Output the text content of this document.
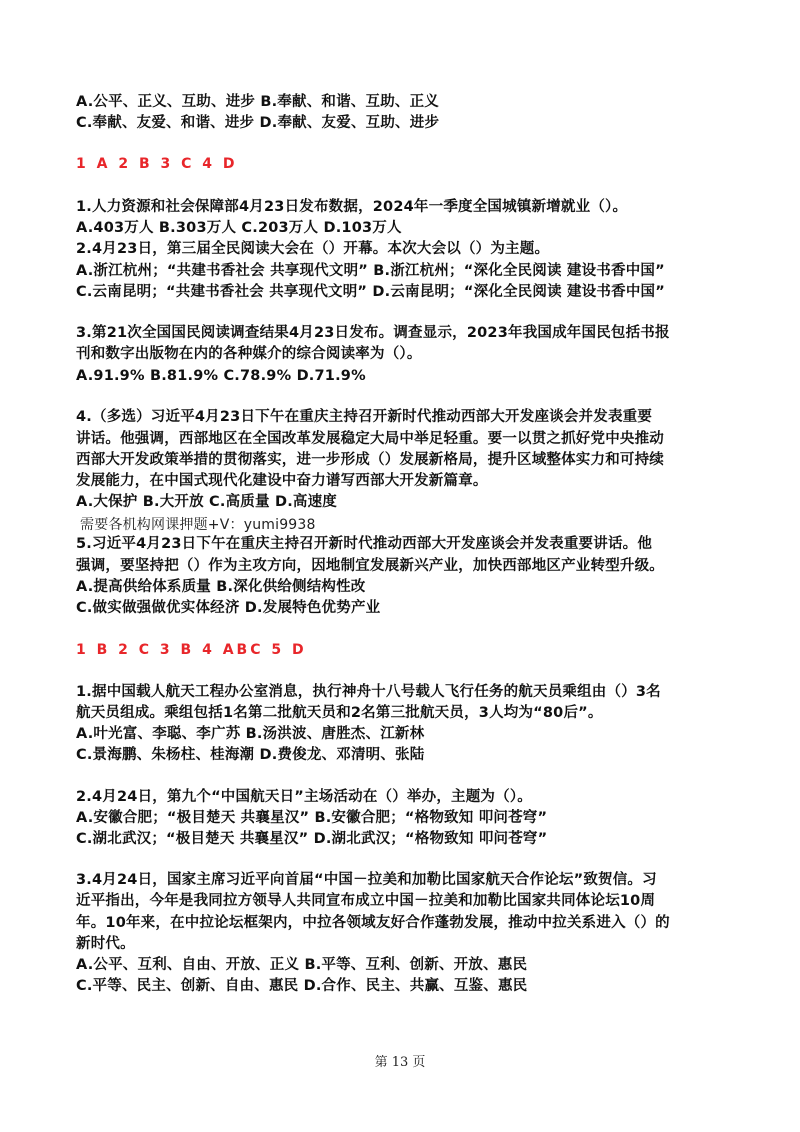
A.公平、正义、互助、进步 B.奉献、和谐、互助、正义
C.奉献、友爱、和谐、进步 D.奉献、友爱、互助、进步
1 A 2 B 3 C 4 D
1.人力资源和社会保障部4月23日发布数据，2024年一季度全国城镇新增就业（）。
A.403万人 B.303万人 C.203万人 D.103万人
2.4月23日，第三届全民阅读大会在（）开幕。本次大会以（）为主题。
A.浙江杭州；“共建书香社会 共享现代文明” B.浙江杭州；“深化全民阅读 建设书香中国”
C.云南昆明；“共建书香社会 共享现代文明” D.云南昆明；“深化全民阅读 建设书香中国”
3.第21次全国国民阅读调查结果4月23日发布。调查显示，2023年我国成年国民包括书报
刊和数字出版物在内的各种媒介的综合阅读率为（）。
A.91.9% B.81.9% C.78.9% D.71.9%
4.（多选）习近平4月23日下午在重庆主持召开新时代推动西部大开发座谈会并发表重要
讲话。他强调，西部地区在全国改革发展稳定大局中举足轻重。要一以贯之抓好党中央推动
西部大开发政策举措的贯彻落实，进一步形成（）发展新格局，提升区域整体实力和可持续
发展能力，在中国式现代化建设中奋力谱写西部大开发新篇章。
A.大保护 B.大开放 C.高质量 D.高速度
需要各机构网课押题+V：yumi9938
5.习近平4月23日下午在重庆主持召开新时代推动西部大开发座谈会并发表重要讲话。他
强调，要坚持把（）作为主攻方向，因地制宜发展新兴产业，加快西部地区产业转型升级。
A.提高供给体系质量 B.深化供给侧结构性改
C.做实做强做优实体经济 D.发展特色优势产业
1 B 2 C 3 B 4 ABC 5 D
1.据中国载人航天工程办公室消息，执行神舟十八号载人飞行任务的航天员乘组由（）3名
航天员组成。乘组包括1名第二批航天员和2名第三批航天员，3人均为“80后”。
A.叶光富、李聪、李广苏 B.汤洪波、唐胜杰、江新林
C.景海鹏、朱杨柱、桂海潮 D.费俊龙、邓清明、张陆
2.4月24日，第九个“中国航天日”主场活动在（）举办，主题为（）。
A.安徽合肥；“极目楚天 共襄星汉” B.安徽合肥；“格物致知 叩问苍穹”
C.湖北武汉；“极目楚天 共襄星汉” D.湖北武汉；“格物致知 叩问苍穹”
3.4月24日，国家主席习近平向首届“中国－拉美和加勒比国家航天合作论坛”致贺信。习
近平指出，今年是我同拉方领导人共同宣布成立中国－拉美和加勒比国家共同体论坛10周
年。10年来，在中拉论坛框架内，中拉各领域友好合作蓬勃发展，推动中拉关系进入（）的
新时代。
A.公平、互利、自由、开放、正义 B.平等、互利、创新、开放、惠民
C.平等、民主、创新、自由、惠民 D.合作、民主、共赢、互鉴、惠民
第 13 页
